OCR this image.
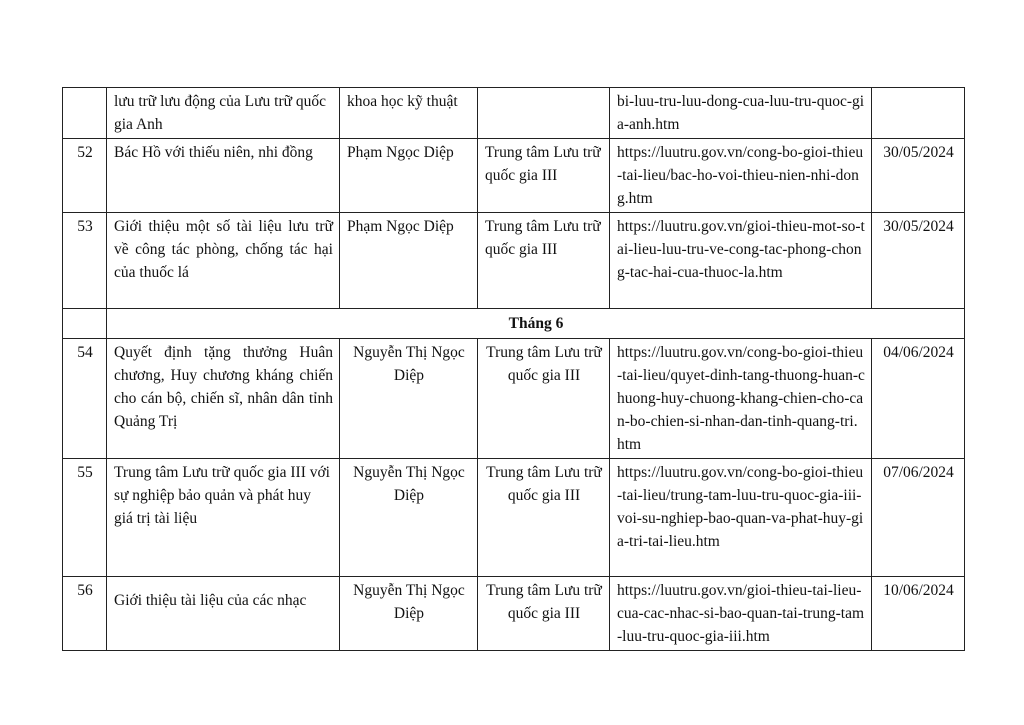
	lưu trữ lưu động của Lưu trữ quốc gia Anh	khoa học kỹ thuật		bi-luu-tru-luu-dong-cua-luu-tru-quoc-gia-anh.htm	
52	Bác Hồ với thiếu niên, nhi đồng	Phạm Ngọc Diệp	Trung tâm Lưu trữ quốc gia III	https://luutru.gov.vn/cong-bo-gioi-thieu-tai-lieu/bac-ho-voi-thieu-nien-nhi-dong.htm	30/05/2024
53	Giới thiệu một số tài liệu lưu trữ về công tác phòng, chống tác hại của thuốc lá	Phạm Ngọc Diệp	Trung tâm Lưu trữ quốc gia III	https://luutru.gov.vn/gioi-thieu-mot-so-tai-lieu-luu-tru-ve-cong-tac-phong-chong-tac-hai-cua-thuoc-la.htm	30/05/2024
	Tháng 6				
54	Quyết định tặng thưởng Huân chương, Huy chương kháng chiến cho cán bộ, chiến sĩ, nhân dân tỉnh Quảng Trị	Nguyễn Thị Ngọc Diệp	Trung tâm Lưu trữ quốc gia III	https://luutru.gov.vn/cong-bo-gioi-thieu-tai-lieu/quyet-dinh-tang-thuong-huan-chuong-huy-chuong-khang-chien-cho-can-bo-chien-si-nhan-dan-tinh-quang-tri.htm	04/06/2024
55	Trung tâm Lưu trữ quốc gia III với sự nghiệp bảo quản và phát huy giá trị tài liệu	Nguyễn Thị Ngọc Diệp	Trung tâm Lưu trữ quốc gia III	https://luutru.gov.vn/cong-bo-gioi-thieu-tai-lieu/trung-tam-luu-tru-quoc-gia-iii-voi-su-nghiep-bao-quan-va-phat-huy-gia-tri-tai-lieu.htm	07/06/2024
56	Giới thiệu tài liệu của các nhạc	Nguyễn Thị Ngọc Diệp	Trung tâm Lưu trữ quốc gia III	https://luutru.gov.vn/gioi-thieu-tai-lieu-cua-cac-nhac-si-bao-quan-tai-trung-tam-luu-tru-quoc-gia-iii.htm	10/06/2024
